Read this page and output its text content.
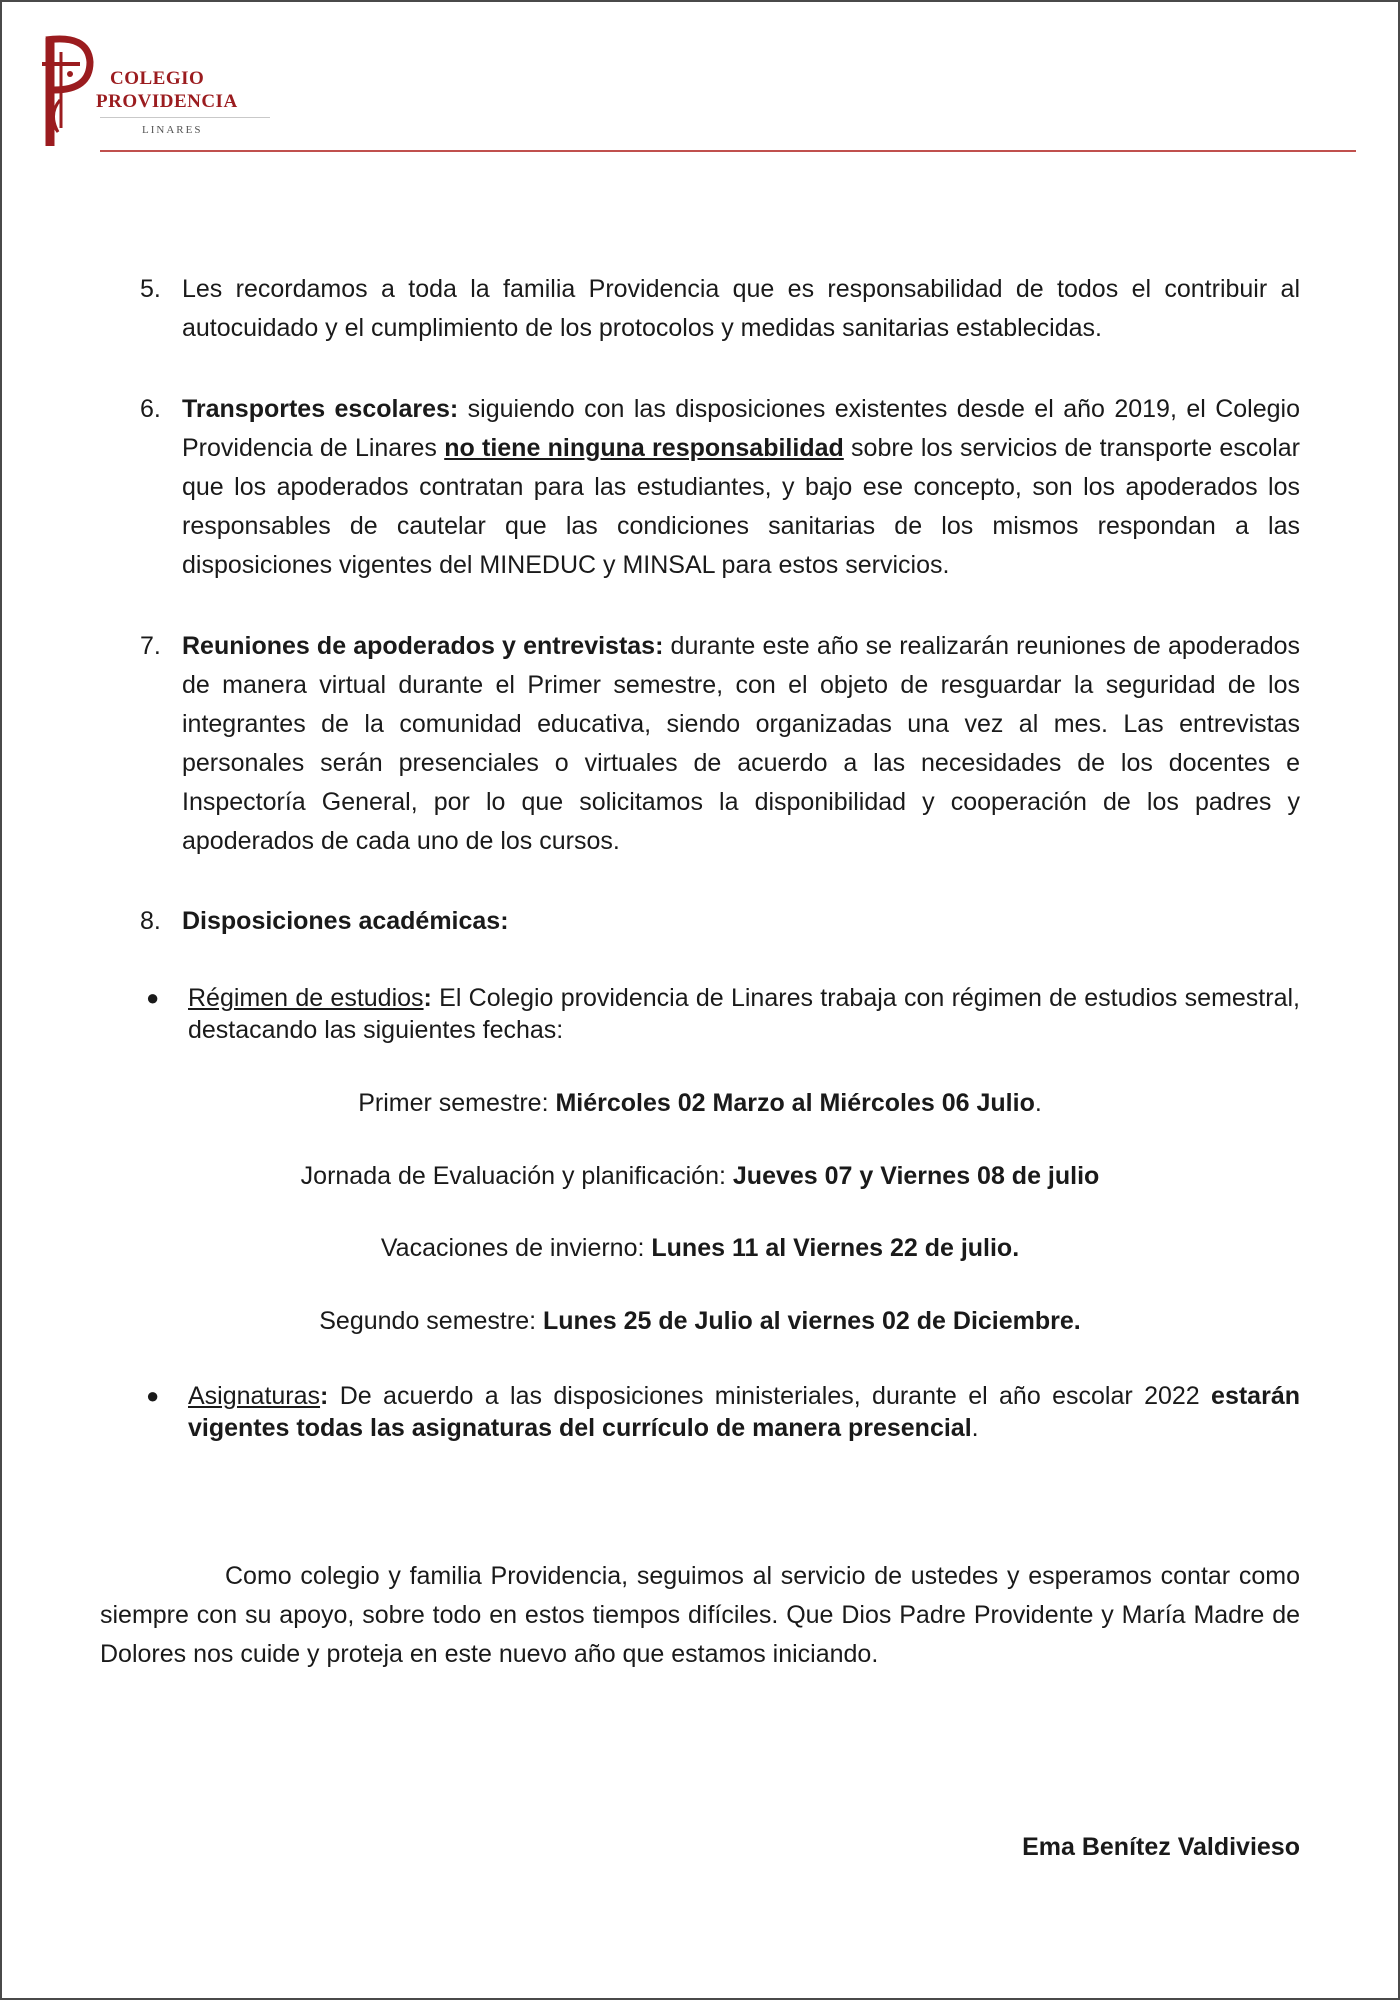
COLEGIO
PROVIDENCIA
LINARES
5. Les recordamos a toda la familia Providencia que es responsabilidad de todos el contribuir al autocuidado y el cumplimiento de los protocolos y medidas sanitarias establecidas.
6. Transportes escolares: siguiendo con las disposiciones existentes desde el año 2019, el Colegio Providencia de Linares no tiene ninguna responsabilidad sobre los servicios de transporte escolar que los apoderados contratan para las estudiantes, y bajo ese concepto, son los apoderados los responsables de cautelar que las condiciones sanitarias de los mismos respondan a las disposiciones vigentes del MINEDUC y MINSAL para estos servicios.
7. Reuniones de apoderados y entrevistas: durante este año se realizarán reuniones de apoderados de manera virtual durante el Primer semestre, con el objeto de resguardar la seguridad de los integrantes de la comunidad educativa, siendo organizadas una vez al mes. Las entrevistas personales serán presenciales o virtuales de acuerdo a las necesidades de los docentes e Inspectoría General, por lo que solicitamos la disponibilidad y cooperación de los padres y apoderados de cada uno de los cursos.
8. Disposiciones académicas:
● Régimen de estudios: El Colegio providencia de Linares trabaja con régimen de estudios semestral, destacando las siguientes fechas:
Primer semestre: Miércoles 02 Marzo al Miércoles 06 Julio.
Jornada de Evaluación y planificación: Jueves 07 y Viernes 08 de julio
Vacaciones de invierno: Lunes 11 al Viernes 22 de julio.
Segundo semestre: Lunes 25 de Julio al viernes 02 de Diciembre.
● Asignaturas: De acuerdo a las disposiciones ministeriales, durante el año escolar 2022 estarán vigentes todas las asignaturas del currículo de manera presencial.
Como colegio y familia Providencia, seguimos al servicio de ustedes y esperamos contar como siempre con su apoyo, sobre todo en estos tiempos difíciles. Que Dios Padre Providente y María Madre de Dolores nos cuide y proteja en este nuevo año que estamos iniciando.
Ema Benítez Valdivieso
